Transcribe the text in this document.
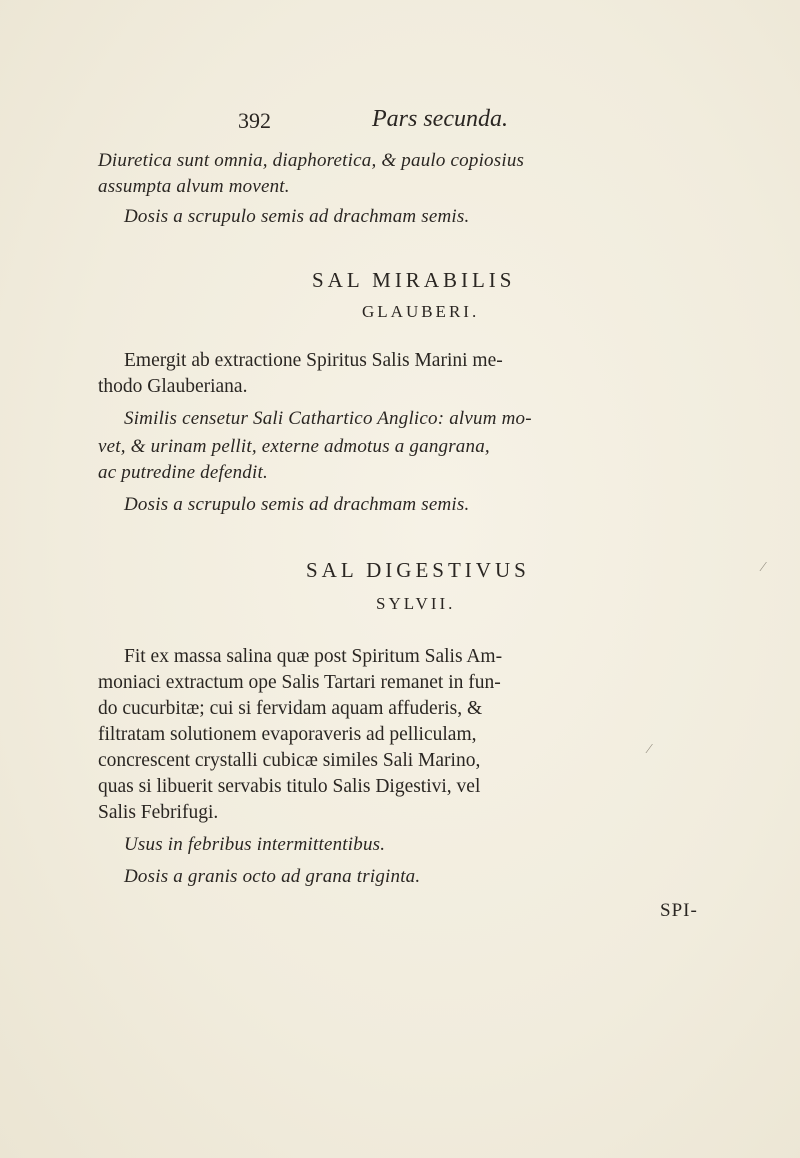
392	Pars secunda.
Diuretica sunt omnia, diaphoretica, & paulo copiosius
assumpta alvum movent.
Dosis a scrupulo semis ad drachmam semis.
SAL MIRABILIS
GLAUBERI.
Emergit ab extractione Spiritus Salis Marini me-
thodo Glauberiana.
Similis censetur Sali Cathartico Anglico: alvum mo-
vet, & urinam pellit, externe admotus a gangrana,
ac putredine defendit.
Dosis a scrupulo semis ad drachmam semis.
SAL DIGESTIVUS
SYLVII.
Fit ex massa salina quæ post Spiritum Salis Am-
moniaci extractum ope Salis Tartari remanet in fun-
do cucurbitæ; cui si fervidam aquam affuderis, &
filtratam solutionem evaporaveris ad pelliculam,
concrescent crystalli cubicæ similes Sali Marino,
quas si libuerit servabis titulo Salis Digestivi, vel
Salis Febrifugi.
Usus in febribus intermittentibus.
Dosis a granis octo ad grana triginta.
SPI-
⁄
⁄
